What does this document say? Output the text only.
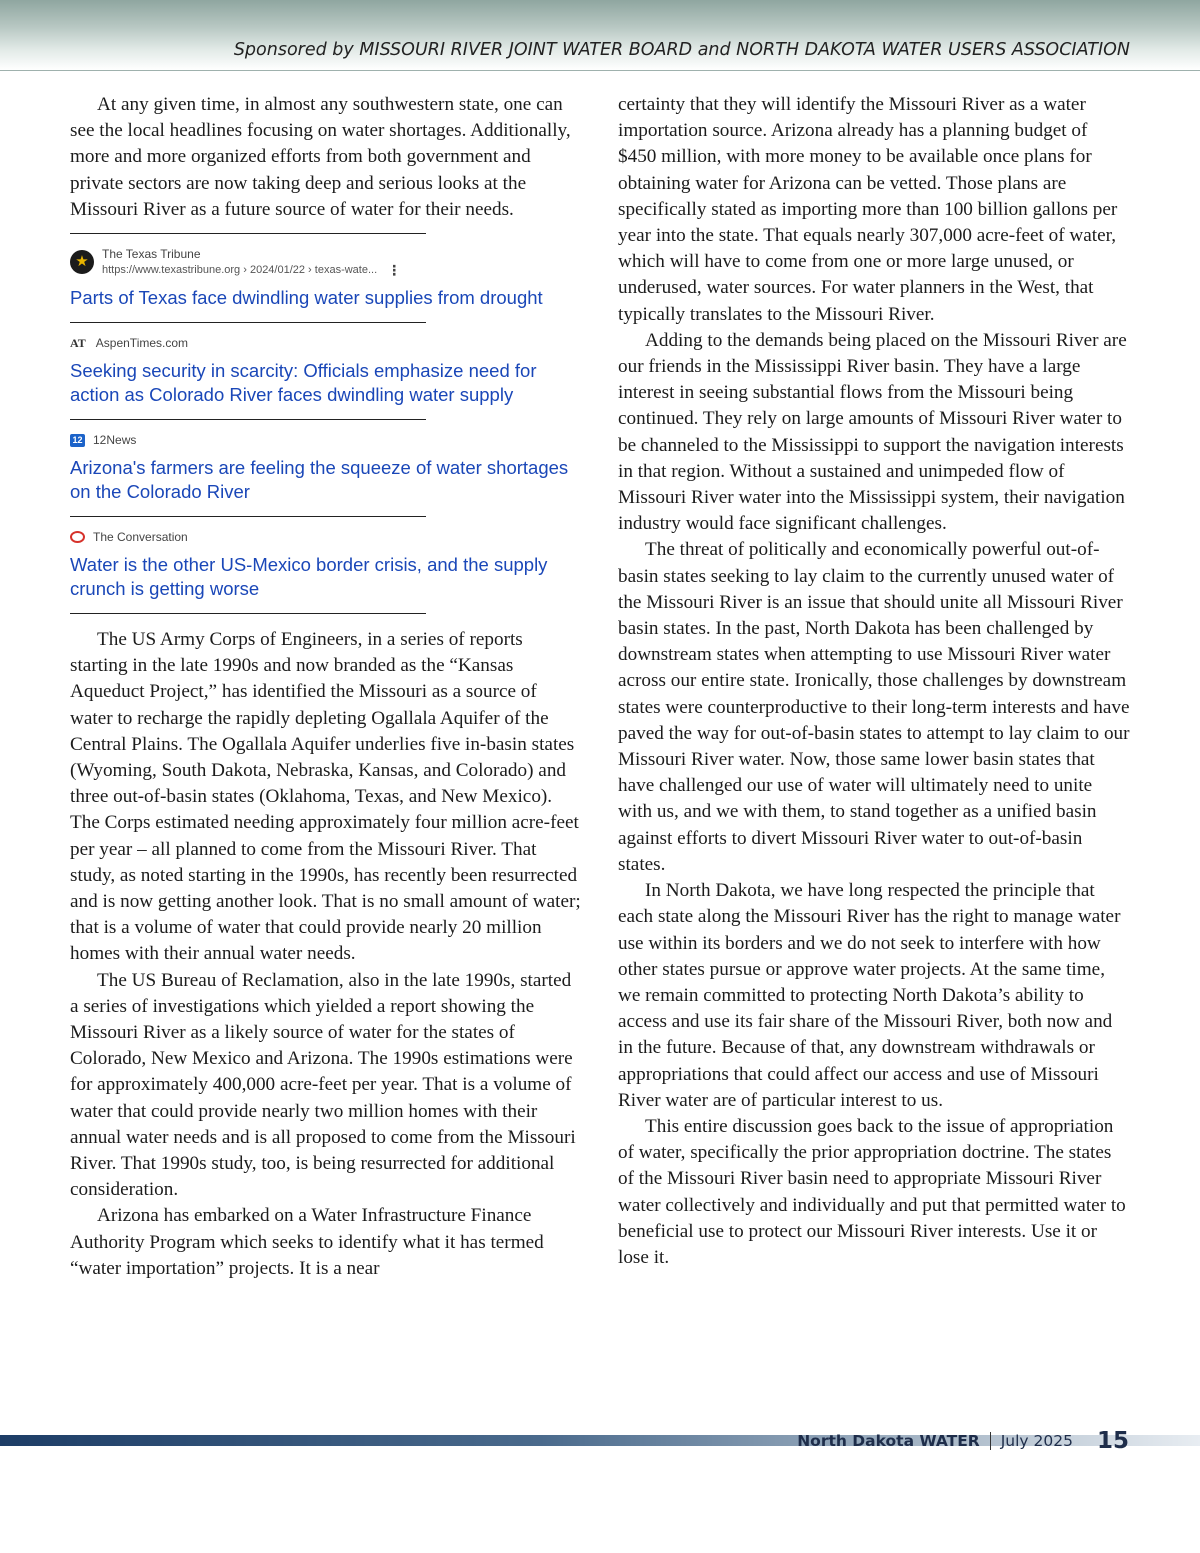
Sponsored by MISSOURI RIVER JOINT WATER BOARD and NORTH DAKOTA WATER USERS ASSOCIATION

At any given time, in almost any southwestern state, one can see the local headlines focusing on water shortages. Additionally, more and more organized efforts from both government and private sectors are now taking deep and serious looks at the Missouri River as a future source of water for their needs.

★
The Texas Tribune
https://www.texastribune.org › 2024/01/22 › texas-wate... ⋮
Parts of Texas face dwindling water supplies from drought
AT AspenTimes.com
Seeking security in scarcity: Officials emphasize need for action as Colorado River faces dwindling water supply
12 12News
Arizona's farmers are feeling the squeeze of water shortages on the Colorado River
The Conversation
Water is the other US-Mexico border crisis, and the supply crunch is getting worse

The US Army Corps of Engineers, in a series of reports starting in the late 1990s and now branded as the “Kansas Aqueduct Project,” has identified the Missouri as a source of water to recharge the rapidly depleting Ogallala Aquifer of the Central Plains. The Ogallala Aquifer underlies five in-basin states (Wyoming, South Dakota, Nebraska, Kansas, and Colorado) and three out-of-basin states (Oklahoma, Texas, and New Mexico). The Corps estimated needing approximately four million acre-feet per year – all planned to come from the Missouri River. That study, as noted starting in the 1990s, has recently been resurrected and is now getting another look. That is no small amount of water; that is a volume of water that could provide nearly 20 million homes with their annual water needs.

The US Bureau of Reclamation, also in the late 1990s, started a series of investigations which yielded a report showing the Missouri River as a likely source of water for the states of Colorado, New Mexico and Arizona. The 1990s estimations were for approximately 400,000 acre-feet per year. That is a volume of water that could provide nearly two million homes with their annual water needs and is all proposed to come from the Missouri River. That 1990s study, too, is being resurrected for additional consideration.

Arizona has embarked on a Water Infrastructure Finance Authority Program which seeks to identify what it has termed “water importation” projects. It is a near

certainty that they will identify the Missouri River as a water importation source. Arizona already has a planning budget of $450 million, with more money to be available once plans for obtaining water for Arizona can be vetted. Those plans are specifically stated as importing more than 100 billion gallons per year into the state. That equals nearly 307,000 acre-feet of water, which will have to come from one or more large unused, or underused, water sources. For water planners in the West, that typically translates to the Missouri River.

Adding to the demands being placed on the Missouri River are our friends in the Mississippi River basin. They have a large interest in seeing substantial flows from the Missouri being continued. They rely on large amounts of Missouri River water to be channeled to the Mississippi to support the navigation interests in that region. Without a sustained and unimpeded flow of Missouri River water into the Mississippi system, their navigation industry would face significant challenges.

The threat of politically and economically powerful out-of-basin states seeking to lay claim to the currently unused water of the Missouri River is an issue that should unite all Missouri River basin states. In the past, North Dakota has been challenged by downstream states when attempting to use Missouri River water across our entire state. Ironically, those challenges by downstream states were counterproductive to their long-term interests and have paved the way for out-of-basin states to attempt to lay claim to our Missouri River water. Now, those same lower basin states that have challenged our use of water will ultimately need to unite with us, and we with them, to stand together as a unified basin against efforts to divert Missouri River water to out-of-basin states.

In North Dakota, we have long respected the principle that each state along the Missouri River has the right to manage water use within its borders and we do not seek to interfere with how other states pursue or approve water projects. At the same time, we remain committed to protecting North Dakota’s ability to access and use its fair share of the Missouri River, both now and in the future. Because of that, any downstream withdrawals or appropriations that could affect our access and use of Missouri River water are of particular interest to us.

This entire discussion goes back to the issue of appropriation of water, specifically the prior appropriation doctrine. The states of the Missouri River basin need to appropriate Missouri River water collectively and individually and put that permitted water to beneficial use to protect our Missouri River interests. Use it or lose it.

North Dakota WATER July 2025 15
